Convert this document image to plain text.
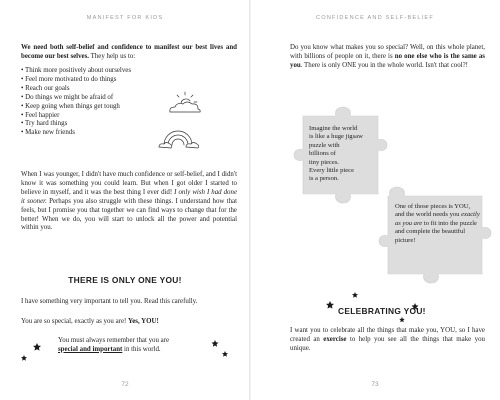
MANIFEST FOR KIDS

We need both self-belief and confidence to manifest our best lives and become our best selves. They help us to:

• Think more positively about ourselves
• Feel more motivated to do things
• Reach our goals
• Do things we might be afraid of
• Keep going when things get tough
• Feel happier
• Try hard things
• Make new friends

When I was younger, I didn't have much confidence or self-belief, and I didn't know it was something you could learn. But when I got older I started to believe in myself, and it was the best thing I ever did! I only wish I had done it sooner. Perhaps you also struggle with these things. I understand how that feels, but I promise you that together we can find ways to change that for the better! When we do, you will start to unlock all the power and potential within you.

THERE IS ONLY ONE YOU!

I have something very important to tell you. Read this carefully.

You are so special, exactly as you are! Yes, YOU!

You must always remember that you are
special and important in this world.

72
CONFIDENCE AND SELF-BELIEF

Do you know what makes you so special? Well, on this whole planet, with billions of people on it, there is no one else who is the same as you. There is only ONE you in the whole world. Isn't that cool?!

Imagine the world
is like a huge jigsaw
puzzle with
billions of
tiny pieces.
Every little piece
is a person.

One of those pieces is YOU, and the world needs you exactly as you are to fit into the puzzle and complete the beautiful picture!

CELEBRATING YOU!

I want you to celebrate all the things that make you, YOU, so I have created an exercise to help you see all the things that make you unique.

73
